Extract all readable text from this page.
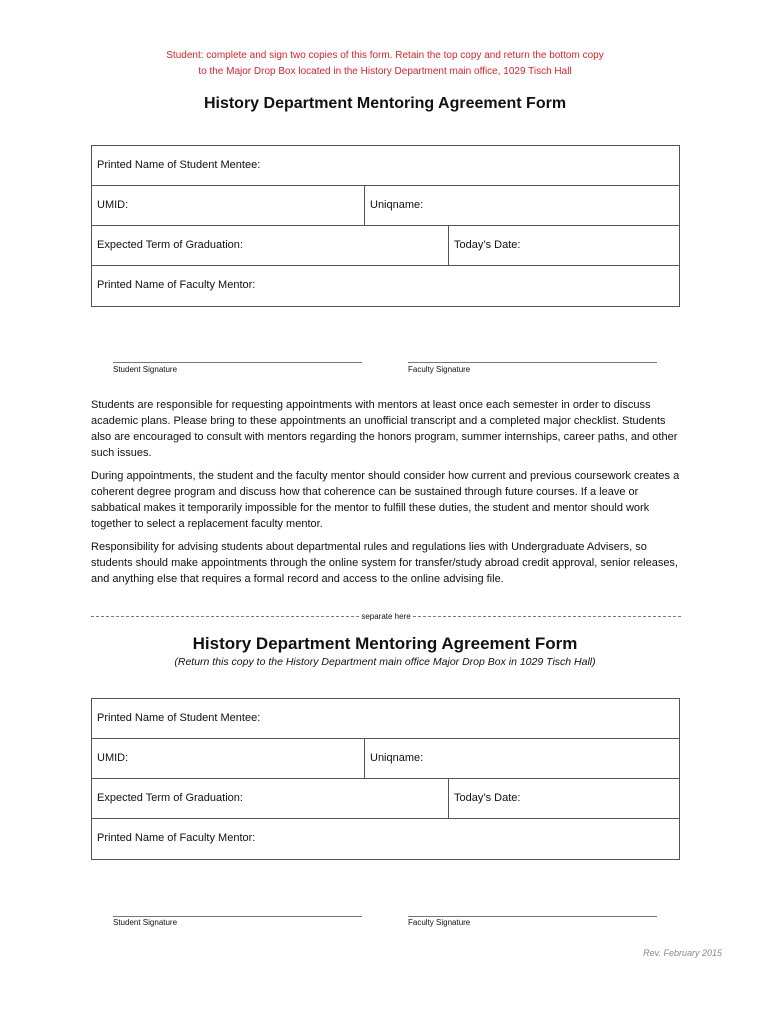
Student: complete and sign two copies of this form. Retain the top copy and return the bottom copy
to the Major Drop Box located in the History Department main office, 1029 Tisch Hall
History Department Mentoring Agreement Form
Printed Name of Student Mentee:
UMID:	Uniqname:
Expected Term of Graduation:	Today’s Date:
Printed Name of Faculty Mentor:
Student Signature	Faculty Signature

Students are responsible for requesting appointments with mentors at least once each semester in order to discuss academic plans. Please bring to these appointments an unofficial transcript and a completed major checklist. Students also are encouraged to consult with mentors regarding the honors program, summer internships, career paths, and other such issues.

During appointments, the student and the faculty mentor should consider how current and previous coursework creates a coherent degree program and discuss how that coherence can be sustained through future courses. If a leave or sabbatical makes it temporarily impossible for the mentor to fulfill these duties, the student and mentor should work together to select a replacement faculty mentor.

Responsibility for advising students about departmental rules and regulations lies with Undergraduate Advisers, so students should make appointments through the online system for transfer/study abroad credit approval, senior releases, and anything else that requires a formal record and access to the online advising file.

separate here
History Department Mentoring Agreement Form
(Return this copy to the History Department main office Major Drop Box in 1029 Tisch Hall)
Printed Name of Student Mentee:
UMID:	Uniqname:
Expected Term of Graduation:	Today’s Date:
Printed Name of Faculty Mentor:
Student Signature	Faculty Signature
Rev. February 2015
